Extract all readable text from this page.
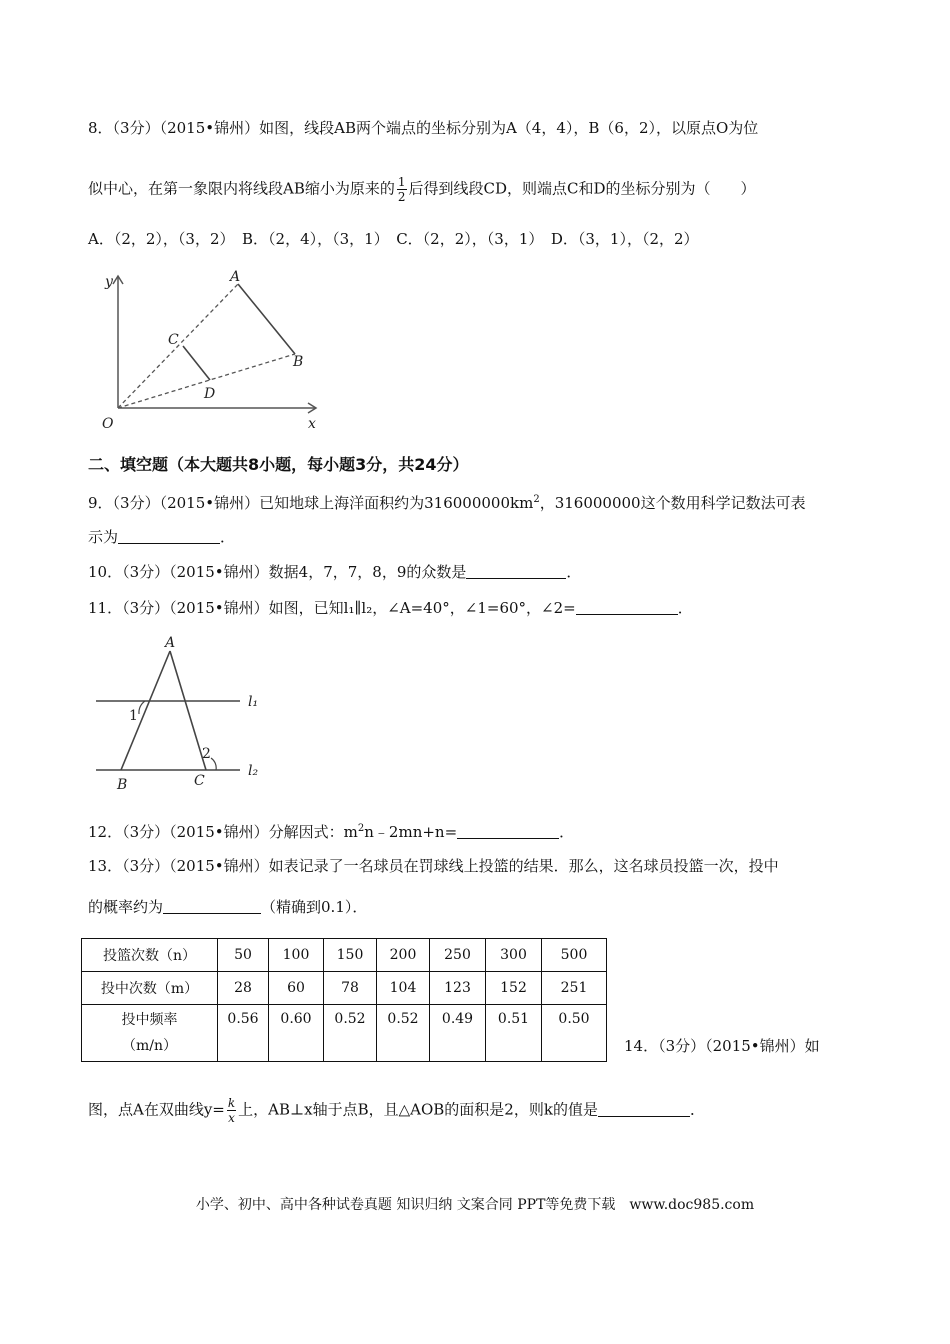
8．（3分）（2015•锦州）如图，线段AB两个端点的坐标分别为A（4，4），B（6，2），以原点O为位
似中心，在第一象限内将线段AB缩小为原来的 $\frac{1}{2}$ 后得到线段CD，则端点C和D的坐标分别为（　　）
A．（2，2），（3，2）　B．（2，4），（3，1）　C．（2，2），（3，1）　D．（3，1），（2，2）
y	A
C
B
D
O	x
二、填空题（本大题共8小题，每小题3分，共24分）
9．（3分）（2015•锦州）已知地球上海洋面积约为$316000000km^2$，316000000这个数用科学记数法可表
示为	．
10．（3分）（2015•锦州）数据4，7，7，8，9的众数是	．
11．（3分）（2015•锦州）如图，已知l₁∥l₂，∠A=40°，∠1=60°，∠2=	．
A
l₁
l₂
1
2
B	C
12．（3分）（2015•锦州）分解因式：$m^2n﹣2mn+n=$	．
13．（3分）（2015•锦州）如表记录了一名球员在罚球线上投篮的结果．那么，这名球员投篮一次，投中
的概率约为	（精确到0.1）．
投篮次数（n）	50	100	150	200	250	300	500
投中次数（m）	28	60	78	104	123	152	251

投中频率
（m/n）	0.56	0.60	0.52	0.52	0.49	0.51	0.50
14．（3分）（2015•锦州）如
图，点A在双曲线$y= \frac{k}{x}$ 上，AB⊥x轴于点B，且△AOB的面积是2，则k的值是	．
小学、初中、高中各种试卷真题 知识归纳 文案合同 PPT等免费下载　www.doc985.com
